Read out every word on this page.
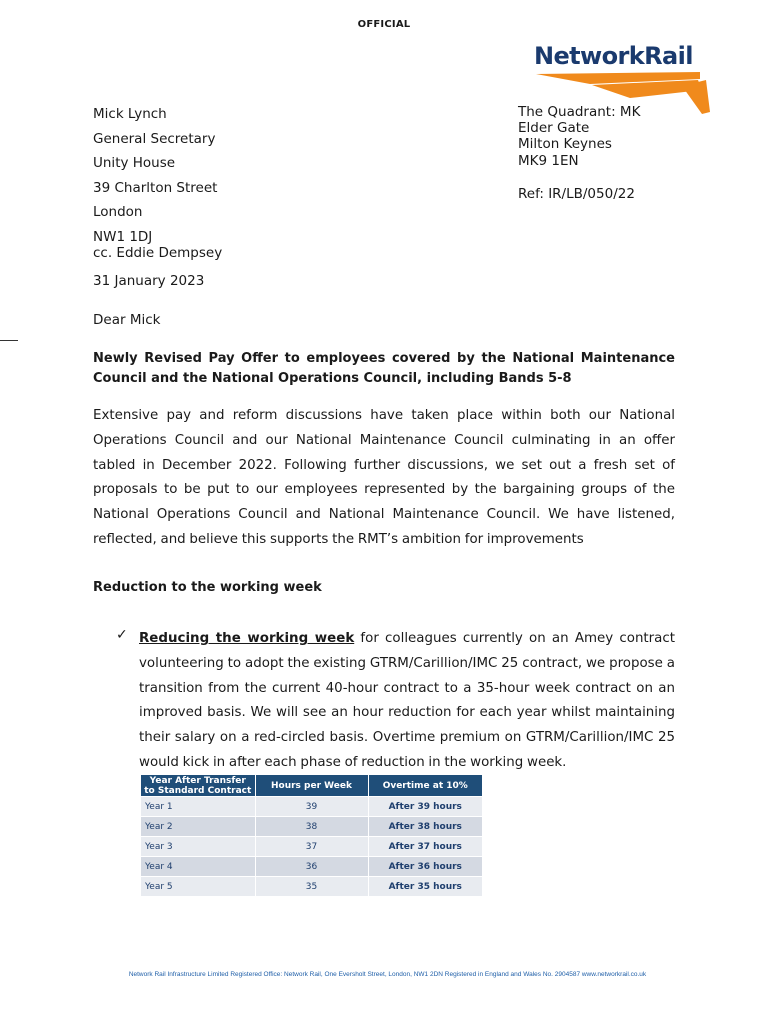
OFFICIAL
NetworkRail
Mick Lynch
General Secretary
Unity House
39 Charlton Street
London
NW1 1DJ
cc. Eddie Dempsey
The Quadrant: MK
Elder Gate
Milton Keynes
MK9 1EN
Ref: IR/LB/050/22
31 January 2023
Dear Mick
Newly Revised Pay Offer to employees covered by the National Maintenance Council and the National Operations Council, including Bands 5-8
Extensive pay and reform discussions have taken place within both our National Operations Council and our National Maintenance Council culminating in an offer tabled in December 2022. Following further discussions, we set out a fresh set of proposals to be put to our employees represented by the bargaining groups of the National Operations Council and National Maintenance Council. We have listened, reflected, and believe this supports the RMT’s ambition for improvements
Reduction to the working week
✓ Reducing the working week for colleagues currently on an Amey contract volunteering to adopt the existing GTRM/Carillion/IMC 25 contract, we propose a transition from the current 40-hour contract to a 35-hour week contract on an improved basis. We will see an hour reduction for each year whilst maintaining their salary on a red-circled basis. Overtime premium on GTRM/Carillion/IMC 25 would kick in after each phase of reduction in the working week.
Year After Transfer to Standard Contract	Hours per Week	Overtime at 10%
Year 1	39	After 39 hours
Year 2	38	After 38 hours
Year 3	37	After 37 hours
Year 4	36	After 36 hours
Year 5	35	After 35 hours
Network Rail Infrastructure Limited Registered Office: Network Rail, One Eversholt Street, London, NW1 2DN Registered in England and Wales No. 2904587 www.networkrail.co.uk
